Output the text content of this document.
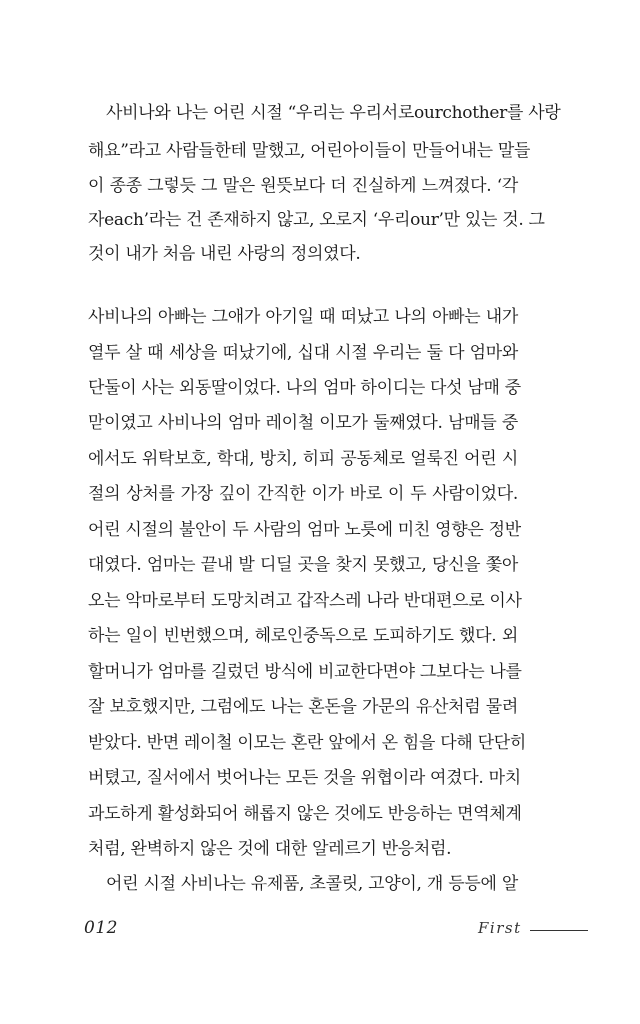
사비나와 나는 어린 시절 “우리는 우리서로ourchother를 사랑
해요”라고 사람들한테 말했고, 어린아이들이 만들어내는 말들
이 종종 그렇듯 그 말은 원뜻보다 더 진실하게 느껴졌다. ‘각
자each’라는 건 존재하지 않고, 오로지 ‘우리our’만 있는 것. 그
것이 내가 처음 내린 사랑의 정의였다.
사비나의 아빠는 그애가 아기일 때 떠났고 나의 아빠는 내가
열두 살 때 세상을 떠났기에, 십대 시절 우리는 둘 다 엄마와
단둘이 사는 외동딸이었다. 나의 엄마 하이디는 다섯 남매 중
맏이였고 사비나의 엄마 레이철 이모가 둘째였다. 남매들 중
에서도 위탁보호, 학대, 방치, 히피 공동체로 얼룩진 어린 시
절의 상처를 가장 깊이 간직한 이가 바로 이 두 사람이었다.
어린 시절의 불안이 두 사람의 엄마 노릇에 미친 영향은 정반
대였다. 엄마는 끝내 발 디딜 곳을 찾지 못했고, 당신을 쫓아
오는 악마로부터 도망치려고 갑작스레 나라 반대편으로 이사
하는 일이 빈번했으며, 헤로인중독으로 도피하기도 했다. 외
할머니가 엄마를 길렀던 방식에 비교한다면야 그보다는 나를
잘 보호했지만, 그럼에도 나는 혼돈을 가문의 유산처럼 물려
받았다. 반면 레이철 이모는 혼란 앞에서 온 힘을 다해 단단히
버텼고, 질서에서 벗어나는 모든 것을 위협이라 여겼다. 마치
과도하게 활성화되어 해롭지 않은 것에도 반응하는 면역체계
처럼, 완벽하지 않은 것에 대한 알레르기 반응처럼.
어린 시절 사비나는 유제품, 초콜릿, 고양이, 개 등등에 알
012	First
